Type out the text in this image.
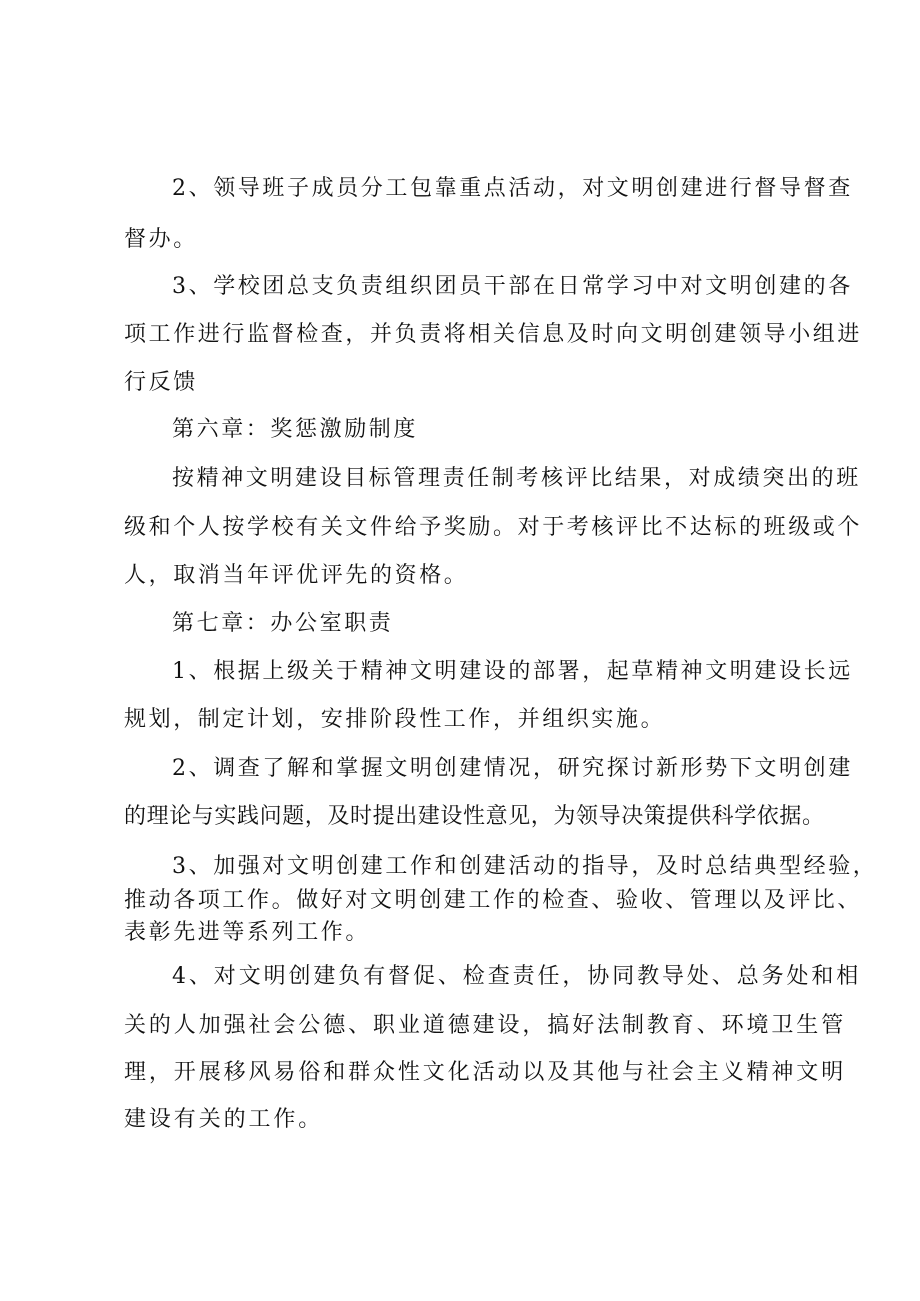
2、领导班子成员分工包靠重点活动，对文明创建进行督导督查
督办。
3、学校团总支负责组织团员干部在日常学习中对文明创建的各
项工作进行监督检查，并负责将相关信息及时向文明创建领导小组进
行反馈
第六章：奖惩激励制度
按精神文明建设目标管理责任制考核评比结果，对成绩突出的班
级和个人按学校有关文件给予奖励。对于考核评比不达标的班级或个
人，取消当年评优评先的资格。
第七章：办公室职责
1、根据上级关于精神文明建设的部署，起草精神文明建设长远
规划，制定计划，安排阶段性工作，并组织实施。
2、调查了解和掌握文明创建情况，研究探讨新形势下文明创建
的理论与实践问题，及时提出建设性意见，为领导决策提供科学依据。
3、加强对文明创建工作和创建活动的指导，及时总结典型经验，
推动各项工作。做好对文明创建工作的检查、验收、管理以及评比、
表彰先进等系列工作。
4、对文明创建负有督促、检查责任，协同教导处、总务处和相
关的人加强社会公德、职业道德建设，搞好法制教育、环境卫生管
理，开展移风易俗和群众性文化活动以及其他与社会主义精神文明
建设有关的工作。
